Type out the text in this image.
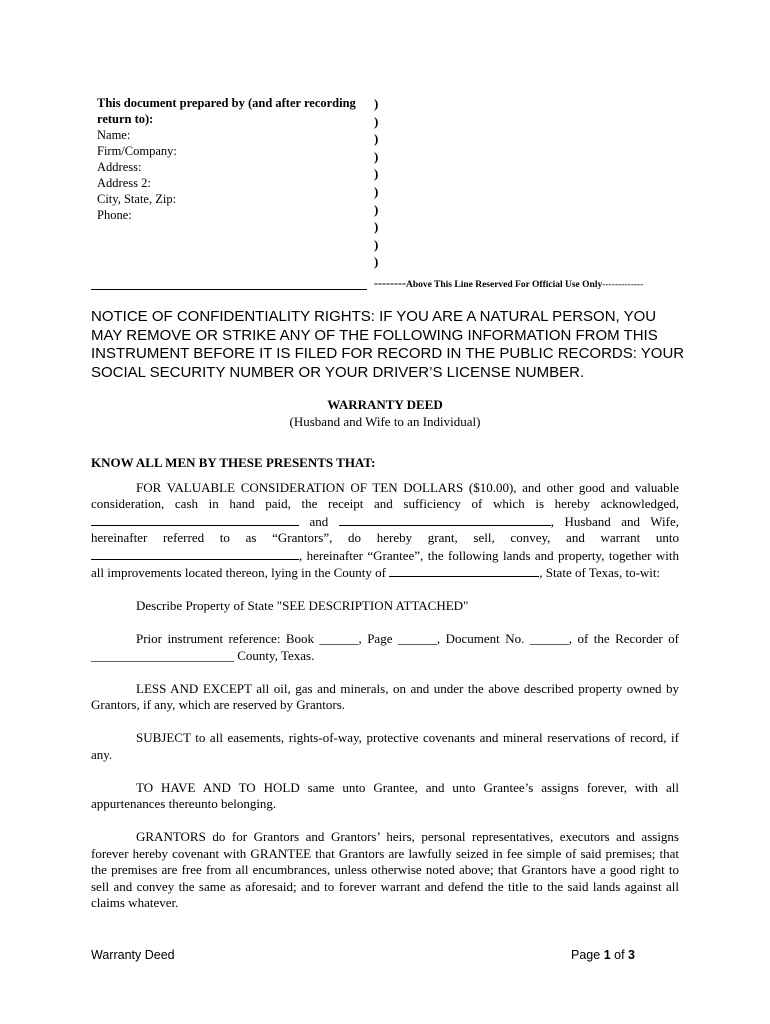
This document prepared by (and after recording
return to):
Name:
Firm/Company:
Address:
Address 2:
City, State, Zip:
Phone:
)
)
)
)
)
)
)
)
)
)
--------Above This Line Reserved For Official Use Only-------------
NOTICE OF CONFIDENTIALITY RIGHTS: IF YOU ARE A NATURAL PERSON, YOU MAY REMOVE OR STRIKE ANY OF THE FOLLOWING INFORMATION FROM THIS INSTRUMENT BEFORE IT IS FILED FOR RECORD IN THE PUBLIC RECORDS: YOUR SOCIAL SECURITY NUMBER OR YOUR DRIVER’S LICENSE NUMBER.
WARRANTY DEED
(Husband and Wife to an Individual)

KNOW ALL MEN BY THESE PRESENTS THAT:

FOR VALUABLE CONSIDERATION OF TEN DOLLARS ($10.00), and other good and valuable consideration, cash in hand paid, the receipt and sufficiency of which is hereby acknowledged,  and	, Husband and Wife, hereinafter referred to as “Grantors”, do hereby grant, sell, convey, and warrant unto , hereinafter “Grantee”, the following lands and property, together with all improvements located thereon, lying in the County of	, State of Texas, to-wit:

Describe Property of State "SEE DESCRIPTION ATTACHED"

Prior instrument reference: Book ______, Page ______, Document No. ______, of the Recorder of ______________________ County, Texas.

LESS AND EXCEPT all oil, gas and minerals, on and under the above described property owned by Grantors, if any, which are reserved by Grantors.

SUBJECT to all easements, rights-of-way, protective covenants and mineral reservations of record, if any.

TO HAVE AND TO HOLD same unto Grantee, and unto Grantee’s assigns forever, with all appurtenances thereunto belonging.

GRANTORS do for Grantors and Grantors’ heirs, personal representatives, executors and assigns forever hereby covenant with GRANTEE that Grantors are lawfully seized in fee simple of said premises; that the premises are free from all encumbrances, unless otherwise noted above; that Grantors have a good right to sell and convey the same as aforesaid; and to forever warrant and defend the title to the said lands against all claims whatever.

Warranty Deed	Page 1 of 3
